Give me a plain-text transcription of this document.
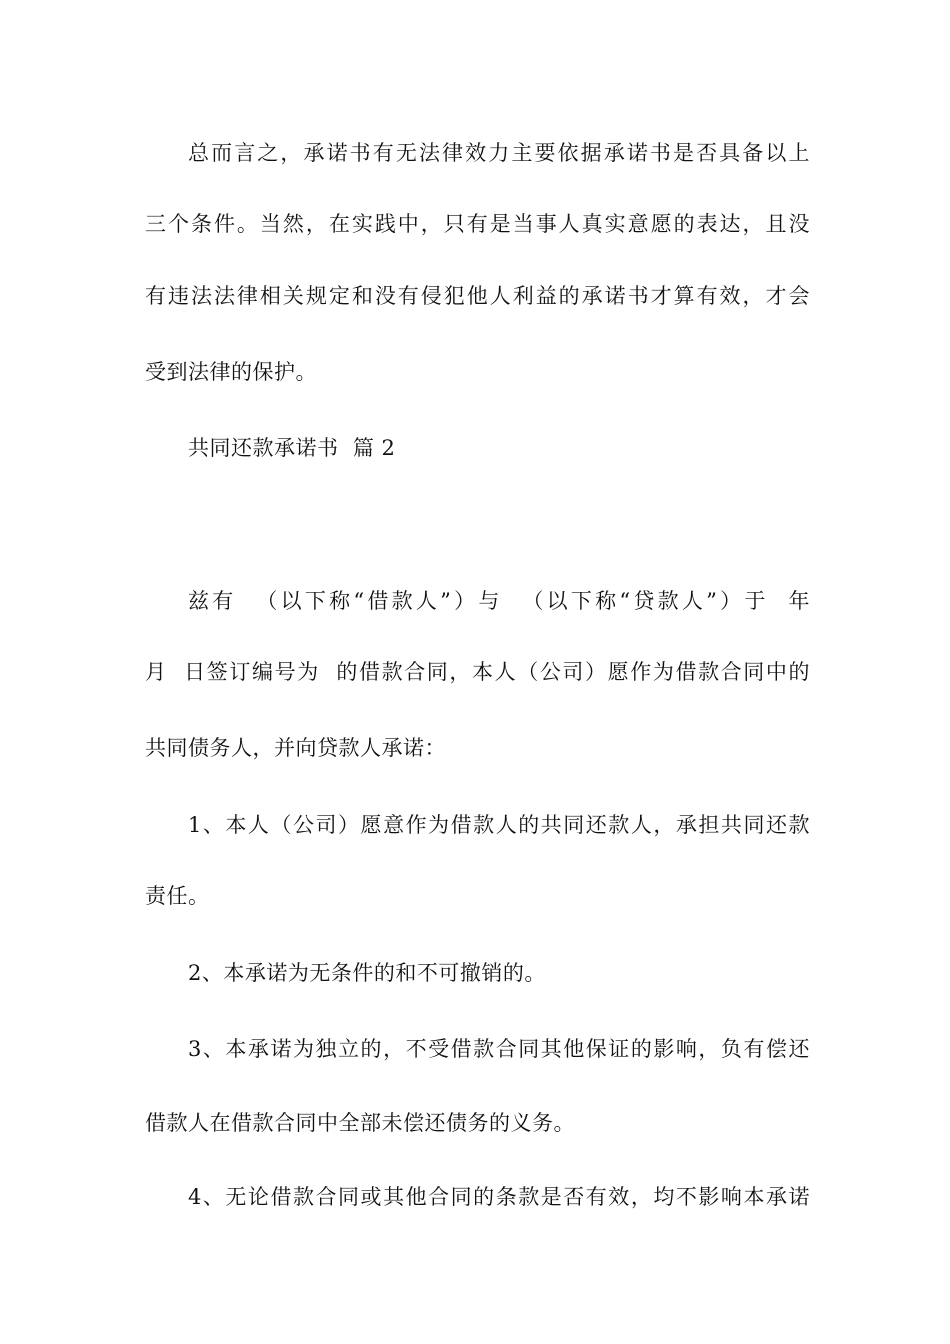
总而言之，承诺书有无法律效力主要依据承诺书是否具备以上
三个条件。当然，在实践中，只有是当事人真实意愿的表达，且没
有违法法律相关规定和没有侵犯他人利益的承诺书才算有效，才会
受到法律的保护。
共同还款承诺书  篇 2
兹有  （以下称“借款人”）与  （以下称“贷款人”）于  年
月  日签订编号为  的借款合同，本人（公司）愿作为借款合同中的
共同债务人，并向贷款人承诺：
1、本人（公司）愿意作为借款人的共同还款人，承担共同还款
责任。
2、本承诺为无条件的和不可撤销的。
3、本承诺为独立的，不受借款合同其他保证的影响，负有偿还
借款人在借款合同中全部未偿还债务的义务。
4、无论借款合同或其他合同的条款是否有效，均不影响本承诺
